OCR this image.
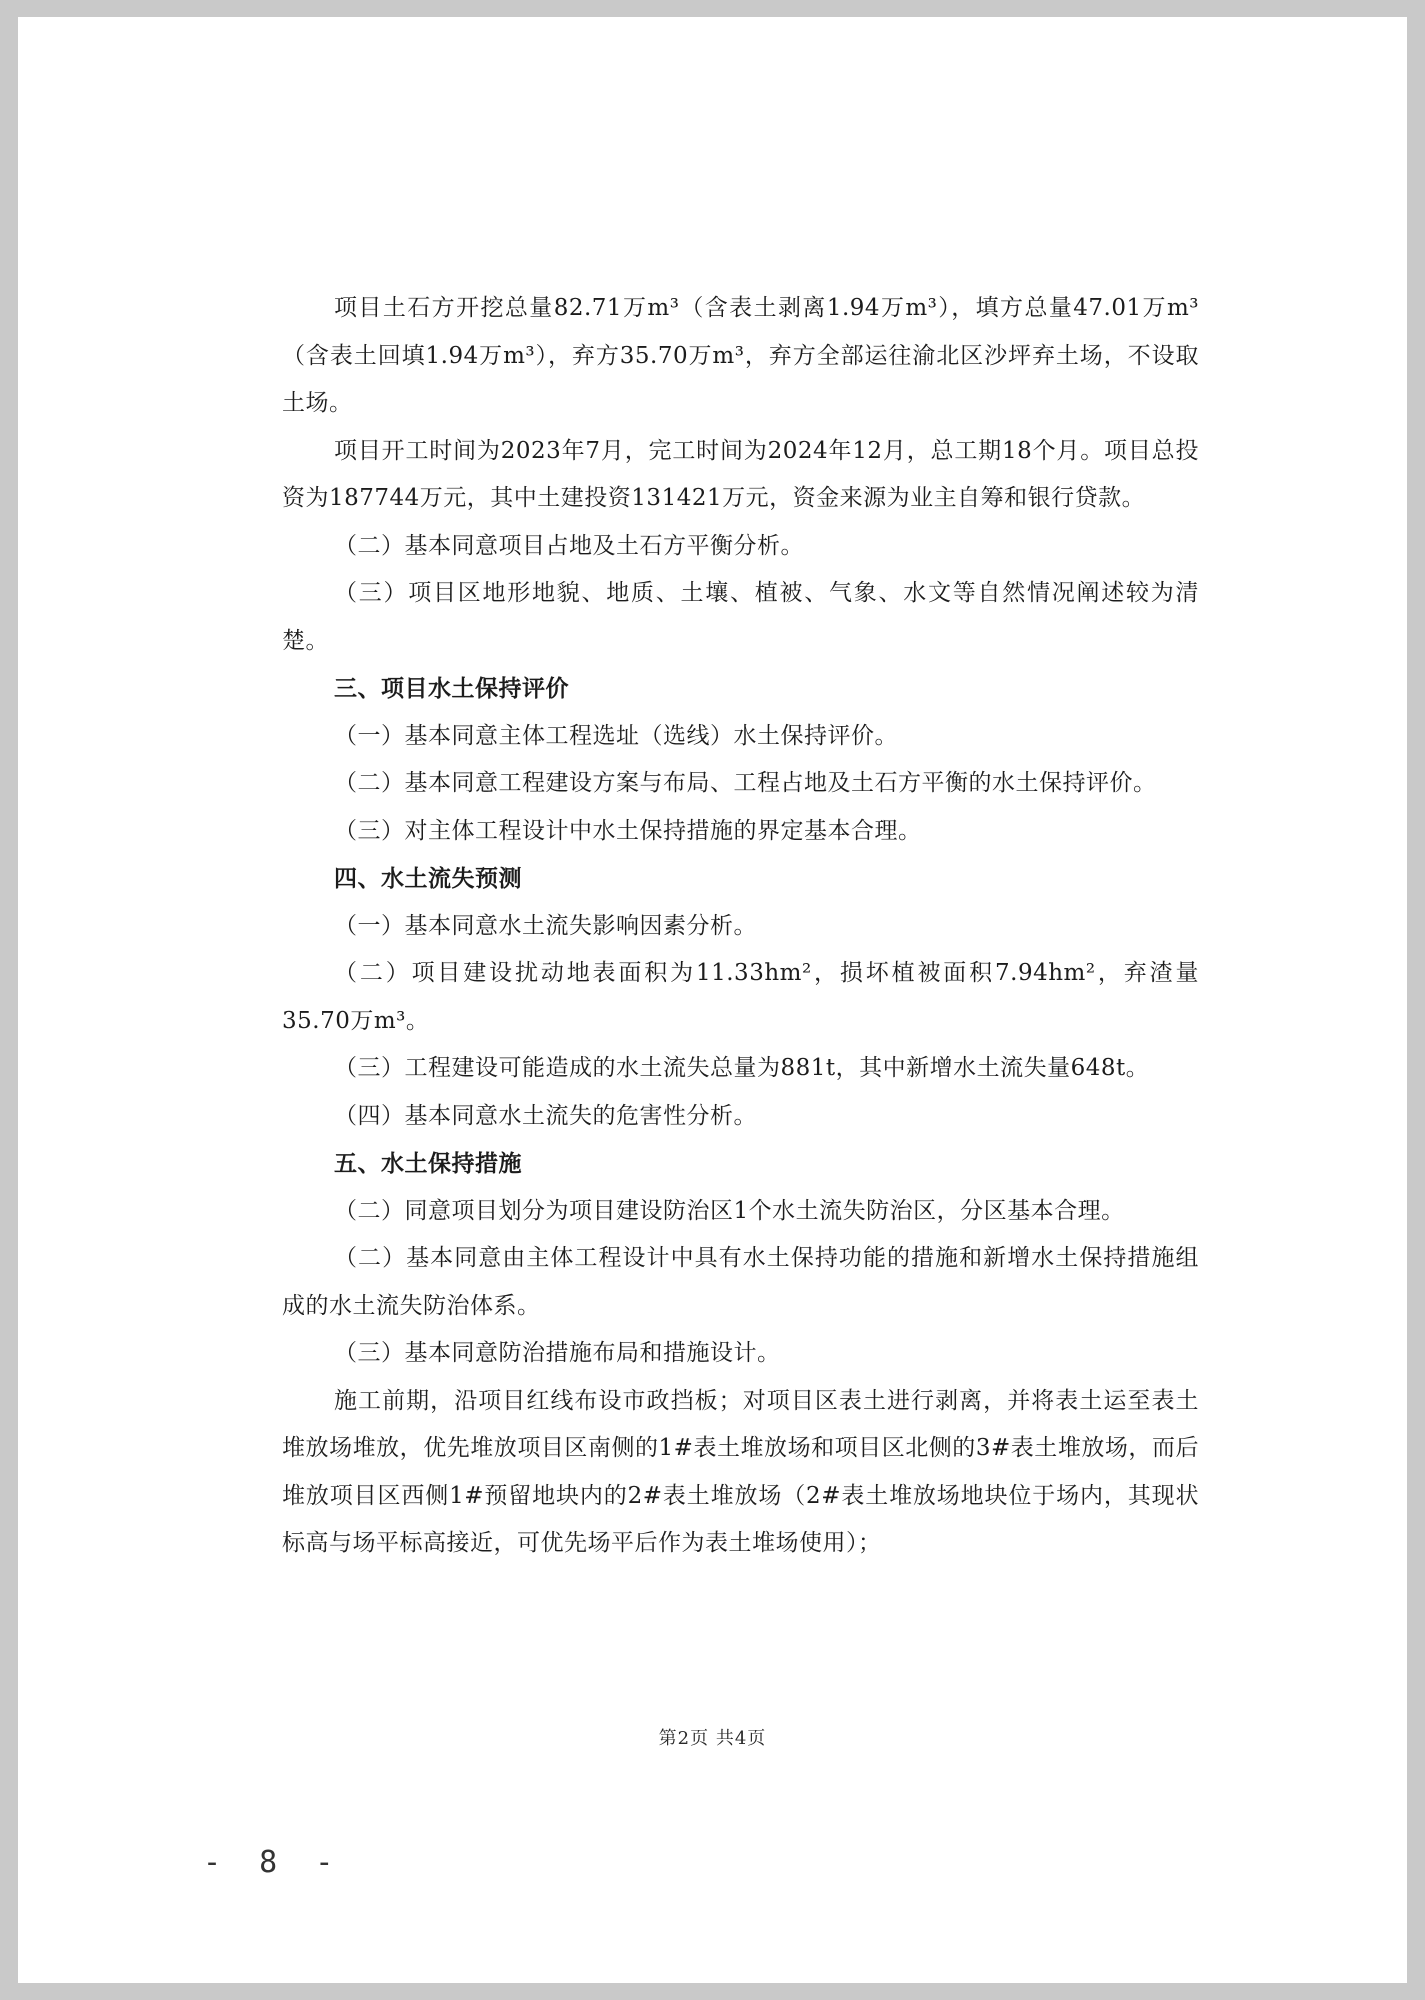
项目土石方开挖总量82.71万m³（含表土剥离1.94万m³），填方总量47.01万m³（含表土回填1.94万m³），弃方35.70万m³，弃方全部运往渝北区沙坪弃土场，不设取土场。

项目开工时间为2023年7月，完工时间为2024年12月，总工期18个月。项目总投资为187744万元，其中土建投资131421万元，资金来源为业主自筹和银行贷款。

（二）基本同意项目占地及土石方平衡分析。

（三）项目区地形地貌、地质、土壤、植被、气象、水文等自然情况阐述较为清楚。

三、项目水土保持评价

（一）基本同意主体工程选址（选线）水土保持评价。

（二）基本同意工程建设方案与布局、工程占地及土石方平衡的水土保持评价。

（三）对主体工程设计中水土保持措施的界定基本合理。

四、水土流失预测

（一）基本同意水土流失影响因素分析。

（二）项目建设扰动地表面积为11.33hm²，损坏植被面积7.94hm²，弃渣量35.70万m³。

（三）工程建设可能造成的水土流失总量为881t，其中新增水土流失量648t。

（四）基本同意水土流失的危害性分析。

五、水土保持措施

（二）同意项目划分为项目建设防治区1个水土流失防治区，分区基本合理。

（二）基本同意由主体工程设计中具有水土保持功能的措施和新增水土保持措施组成的水土流失防治体系。

（三）基本同意防治措施布局和措施设计。

施工前期，沿项目红线布设市政挡板；对项目区表土进行剥离，并将表土运至表土堆放场堆放，优先堆放项目区南侧的1#表土堆放场和项目区北侧的3#表土堆放场，而后堆放项目区西侧1#预留地块内的2#表土堆放场（2#表土堆放场地块位于场内，其现状标高与场平标高接近，可优先场平后作为表土堆场使用）；

第2页 共4页
- 8 -
